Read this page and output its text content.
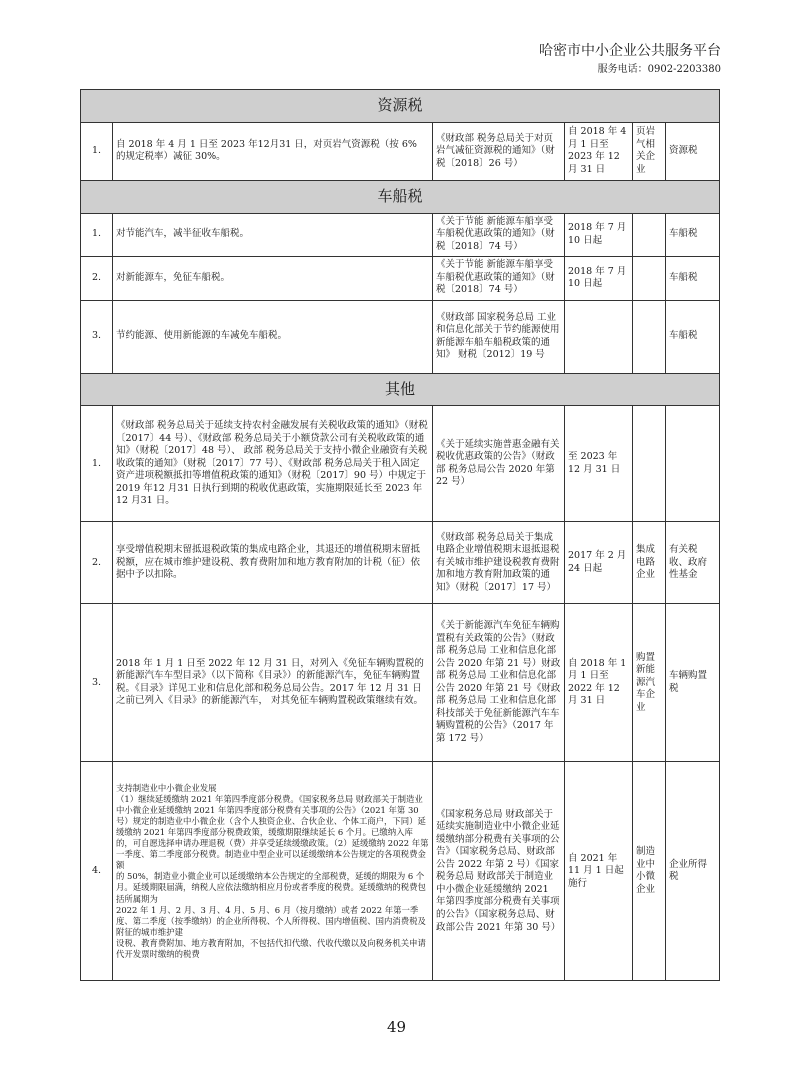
哈密市中小企业公共服务平台
服务电话：0902-2203380
资源税					
1.	自 2018 年 4 月 1 日至 2023 年12月31 日，对页岩气资源税（按 6% 的规定税率）减征 30%。	《财政部 税务总局关于对页岩气减征资源税的通知》（财税〔2018〕26 号）	自 2018 年 4 月 1 日至 2023 年 12 月 31 日	页岩气相关企业	资源税
车船税					
1.	对节能汽车，减半征收车船税。	《关于节能 新能源车船享受车船税优惠政策的通知》（财税〔2018〕74 号）	2018 年 7 月 10 日起		车船税
2.	对新能源车，免征车船税。	《关于节能 新能源车船享受车船税优惠政策的通知》（财税〔2018〕74 号）	2018 年 7 月 10 日起		车船税
3.	节约能源、使用新能源的车减免车船税。	《财政部 国家税务总局 工业和信息化部关于节约能源使用新能源车船车船税政策的通知》 财税〔2012〕19 号			车船税
其他					
1.	《财政部 税务总局关于延续支持农村金融发展有关税收政策的通知》（财税〔2017〕44 号）、《财政部 税务总局关于小额贷款公司有关税收政策的通知》（财税〔2017〕48 号）、 政部 税务总局关于支持小微企业融资有关税收政策的通知》（财税〔2017〕77 号）、《财政部 税务总局关于租入固定资产进项税额抵扣等增值税政策的通知》（财税〔2017〕90 号）中规定于2019 年12 月31 日执行到期的税收优惠政策，实施期限延长至 2023 年12 月31 日。	《关于延续实施普惠金融有关税收优惠政策的公告》（财政部 税务总局公告 2020 年第 22 号）	至 2023 年 12 月 31 日		
2.	享受增值税期末留抵退税政策的集成电路企业，其退还的增值税期末留抵税额，应在城市维护建设税、教育费附加和地方教育附加的计税（征）依据中予以扣除。	《财政部 税务总局关于集成电路企业增值税期末退抵退税有关城市维护建设税教育费附加和地方教育附加政策的通知》（财税〔2017〕17 号）	2017 年 2 月 24 日起	集成电路企业	有关税收、政府性基金
3.	2018 年 1 月 1 日至 2022 年 12 月 31 日，对列入《免征车辆购置税的新能源汽车车型目录》（以下简称《目录》）的新能源汽车，免征车辆购置税。《目录》详见工业和信息化部和税务总局公告。2017 年 12 月 31 日之前已列入《目录》的新能源汽车， 对其免征车辆购置税政策继续有效。	《关于新能源汽车免征车辆购置税有关政策的公告》（财政部 税务总局 工业和信息化部公告 2020 年第 21 号）财政部 税务总局 工业和信息化部公告 2020 年第 21 号《财政部 税务总局 工业和信息化部 科技部关于免征新能源汽车车辆购置税的公告》（2017 年第 172 号）	自 2018 年 1 月 1 日至 2022 年 12 月 31 日	购置新能源汽车企业	车辆购置税
4.	支持制造业中小微企业发展
（1）继续延缓缴纳 2021 年第四季度部分税费。《国家税务总局 财政部关于制造业中小微企业延缓缴纳 2021 年第四季度部分税费有关事项的公告》（2021 年第 30 号）规定的制造业中小微企业（含个人独资企业、合伙企业、个体工商户，下同）延缓缴纳 2021 年第四季度部分税费政策，缓缴期限继续延长 6 个月。已缴纳入库的，可自愿选择申请办理退税（费）并享受延续缓缴政策。（2）延缓缴纳 2022 年第一季度、第二季度部分税费。制造业中型企业可以延缓缴纳本公告规定的各项税费金额
的 50%，制造业小微企业可以延缓缴纳本公告规定的全部税费，延缓的期限为 6 个月。延缓期限届满，纳税人应依法缴纳相应月份或者季度的税费。延缓缴纳的税费包括所属期为
2022 年 1 月、2 月、3 月、4 月、5 月、6 月（按月缴纳）或者 2022 年第一季度、第二季度（按季缴纳）的企业所得税、个人所得税、国内增值税、国内消费税及附征的城市维护建
设税、教育费附加、地方教育附加，不包括代扣代缴、代收代缴以及向税务机关申请代开发票时缴纳的税费	《国家税务总局 财政部关于延续实施制造业中小微企业延缓缴纳部分税费有关事项的公告》（国家税务总局、财政部公告 2022 年第 2 号）《国家税务总局 财政部关于制造业中小微企业延缓缴纳 2021 年第四季度部分税费有关事项的公告》（国家税务总局、财政部公告 2021 年第 30 号）	自 2021 年 11 月 1 日起施行	制造业中小微企业	企业所得税
49
